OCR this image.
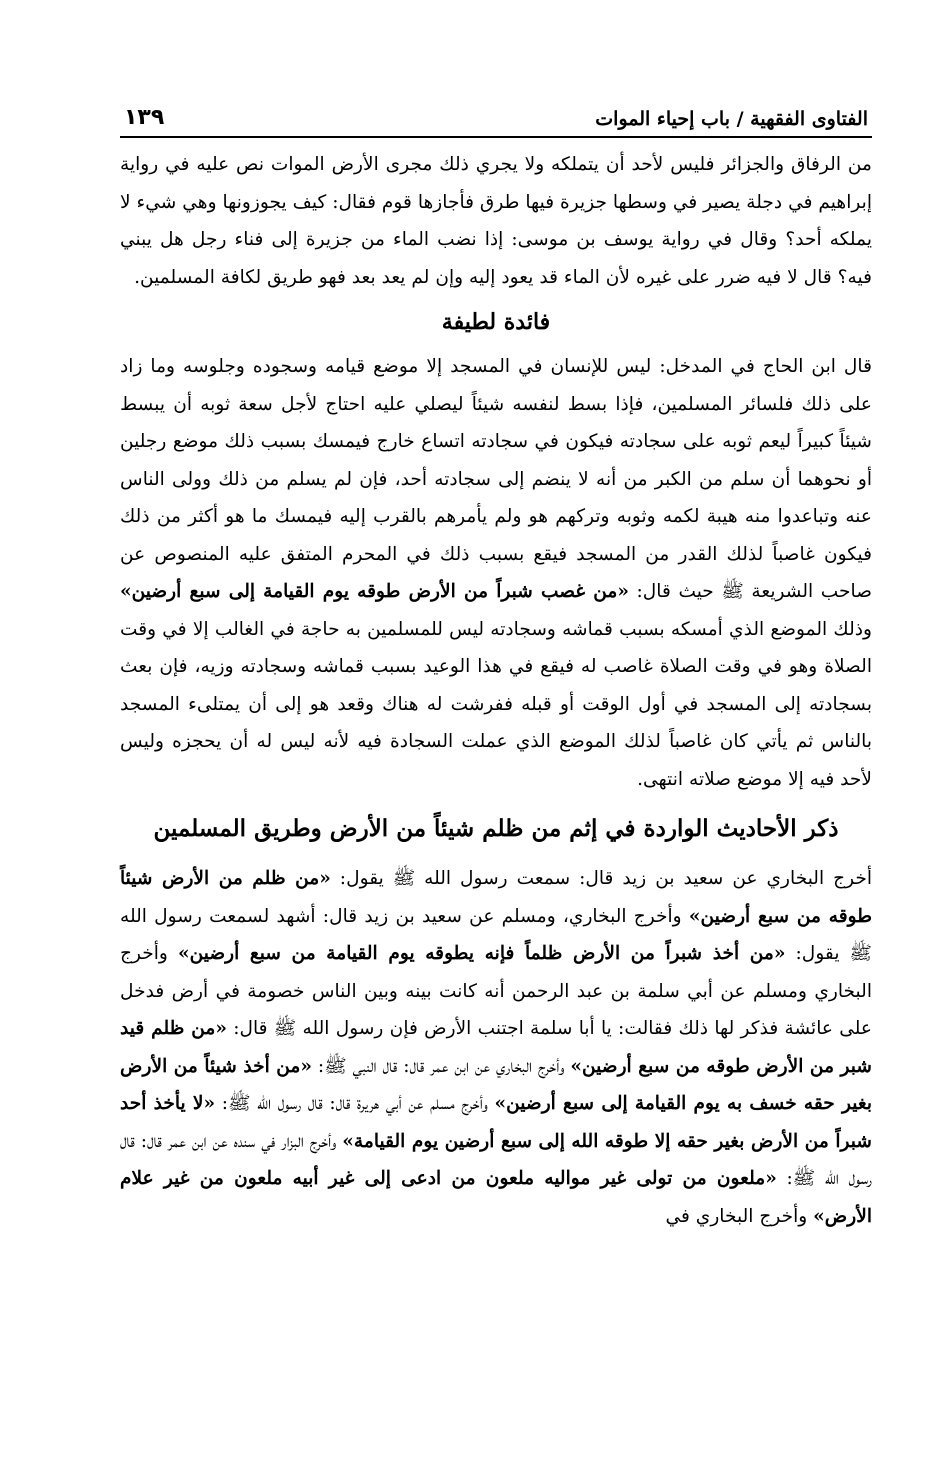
الفتاوى الفقهية / باب إحياء الموات
١٣٩

من الرفاق والجزائر فليس لأحد أن يتملكه ولا يجري ذلك مجرى الأرض الموات نص عليه في رواية إبراهيم في دجلة يصير في وسطها جزيرة فيها طرق فأجازها قوم فقال: كيف يجوزونها وهي شيء لا يملكه أحد؟ وقال في رواية يوسف بن موسى: إذا نضب الماء من جزيرة إلى فناء رجل هل يبني فيه؟ قال لا فيه ضرر على غيره لأن الماء قد يعود إليه وإن لم يعد بعد فهو طريق لكافة المسلمين.

فائدة لطيفة

قال ابن الحاج في المدخل: ليس للإنسان في المسجد إلا موضع قيامه وسجوده وجلوسه وما زاد على ذلك فلسائر المسلمين، فإذا بسط لنفسه شيئاً ليصلي عليه احتاج لأجل سعة ثوبه أن يبسط شيئاً كبيراً ليعم ثوبه على سجادته فيكون في سجادته اتساع خارج فيمسك بسبب ذلك موضع رجلين أو نحوهما أن سلم من الكبر من أنه لا ينضم إلى سجادته أحد، فإن لم يسلم من ذلك وولى الناس عنه وتباعدوا منه هيبة لكمه وثوبه وتركهم هو ولم يأمرهم بالقرب إليه فيمسك ما هو أكثر من ذلك فيكون غاصباً لذلك القدر من المسجد فيقع بسبب ذلك في المحرم المتفق عليه المنصوص عن صاحب الشريعة ﷺ حيث قال: «من غصب شبراً من الأرض طوقه يوم القيامة إلى سبع أرضين» وذلك الموضع الذي أمسكه بسبب قماشه وسجادته ليس للمسلمين به حاجة في الغالب إلا في وقت الصلاة وهو في وقت الصلاة غاصب له فيقع في هذا الوعيد بسبب قماشه وسجادته وزيه، فإن بعث بسجادته إلى المسجد في أول الوقت أو قبله ففرشت له هناك وقعد هو إلى أن يمتلىء المسجد بالناس ثم يأتي كان غاصباً لذلك الموضع الذي عملت السجادة فيه لأنه ليس له أن يحجزه وليس لأحد فيه إلا موضع صلاته انتهى.

ذكر الأحاديث الواردة في إثم من ظلم شيئاً من الأرض وطريق المسلمين

أخرج البخاري عن سعيد بن زيد قال: سمعت رسول الله ﷺ يقول: «من ظلم من الأرض شيئاً طوقه من سبع أرضين» وأخرج البخاري، ومسلم عن سعيد بن زيد قال: أشهد لسمعت رسول الله ﷺ يقول: «من أخذ شبراً من الأرض ظلماً فإنه يطوقه يوم القيامة من سبع أرضين» وأخرج البخاري ومسلم عن أبي سلمة بن عبد الرحمن أنه كانت بينه وبين الناس خصومة في أرض فدخل على عائشة فذكر لها ذلك فقالت: يا أبا سلمة اجتنب الأرض فإن رسول الله ﷺ قال: «من ظلم قيد شبر من الأرض طوقه من سبع أرضين» وأخرج البخاري عن ابن عمر قال: قال النبي ﷺ: «من أخذ شيئاً من الأرض بغير حقه خسف به يوم القيامة إلى سبع أرضين» وأخرج مسلم عن أبي هريرة قال: قال رسول الله ﷺ: «لا يأخذ أحد شبراً من الأرض بغير حقه إلا طوقه الله إلى سبع أرضين يوم القيامة» وأخرج البزار في سنده عن ابن عمر قال: قال رسول الله ﷺ: «ملعون من تولى غير مواليه ملعون من ادعى إلى غير أبيه ملعون من غير علام الأرض» وأخرج البخاري في
